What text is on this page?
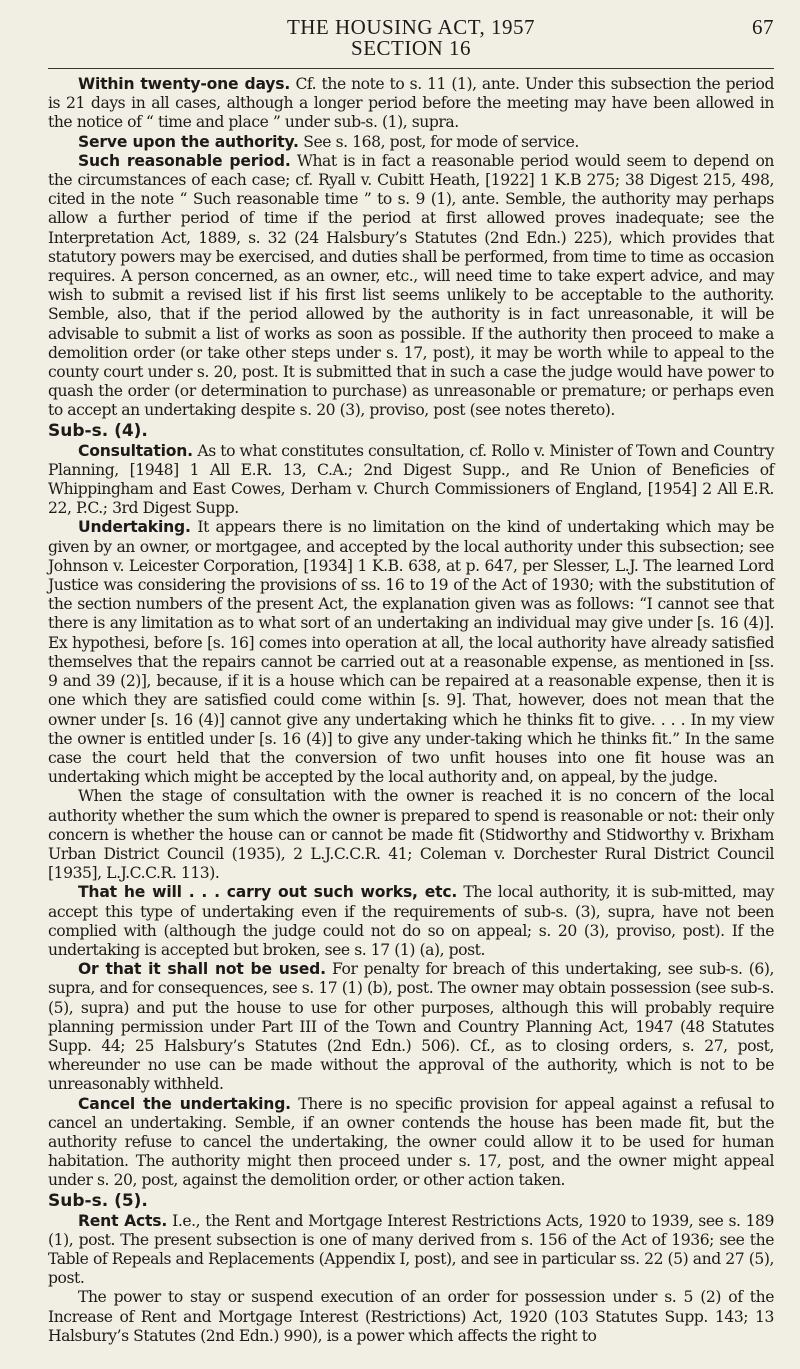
THE HOUSING ACT, 1957	67
SECTION 16

Within twenty-one days. Cf. the note to s. 11 (1), ante. Under this subsection the period is 21 days in all cases, although a longer period before the meeting may have been allowed in the notice of “ time and place ” under sub-s. (1), supra.

Serve upon the authority. See s. 168, post, for mode of service.

Such reasonable period. What is in fact a reasonable period would seem to depend on the circumstances of each case; cf. Ryall v. Cubitt Heath, [1922] 1 K.B 275; 38 Digest 215, 498, cited in the note “ Such reasonable time ” to s. 9 (1), ante. Semble, the authority may perhaps allow a further period of time if the period at first allowed proves inadequate; see the Interpretation Act, 1889, s. 32 (24 Halsbury’s Statutes (2nd Edn.) 225), which provides that statutory powers may be exercised, and duties shall be performed, from time to time as occasion requires. A person concerned, as an owner, etc., will need time to take expert advice, and may wish to submit a revised list if his first list seems unlikely to be acceptable to the authority. Semble, also, that if the period allowed by the authority is in fact unreasonable, it will be advisable to submit a list of works as soon as possible. If the authority then proceed to make a demolition order (or take other steps under s. 17, post), it may be worth while to appeal to the county court under s. 20, post. It is submitted that in such a case the judge would have power to quash the order (or determination to purchase) as unreasonable or premature; or perhaps even to accept an undertaking despite s. 20 (3), proviso, post (see notes thereto).

Sub-s. (4).

Consultation. As to what constitutes consultation, cf. Rollo v. Minister of Town and Country Planning, [1948] 1 All E.R. 13, C.A.; 2nd Digest Supp., and Re Union of Beneficies of Whippingham and East Cowes, Derham v. Church Commissioners of England, [1954] 2 All E.R. 22, P.C.; 3rd Digest Supp.

Undertaking. It appears there is no limitation on the kind of undertaking which may be given by an owner, or mortgagee, and accepted by the local authority under this subsection; see Johnson v. Leicester Corporation, [1934] 1 K.B. 638, at p. 647, per Slesser, L.J. The learned Lord Justice was considering the provisions of ss. 16 to 19 of the Act of 1930; with the substitution of the section numbers of the present Act, the explanation given was as follows: “I cannot see that there is any limitation as to what sort of an undertaking an individual may give under [s. 16 (4)]. Ex hypothesi, before [s. 16] comes into operation at all, the local authority have already satisfied themselves that the repairs cannot be carried out at a reasonable expense, as mentioned in [ss. 9 and 39 (2)], because, if it is a house which can be repaired at a reasonable expense, then it is one which they are satisfied could come within [s. 9]. That, however, does not mean that the owner under [s. 16 (4)] cannot give any undertaking which he thinks fit to give. . . . In my view the owner is entitled under [s. 16 (4)] to give any under-taking which he thinks fit.” In the same case the court held that the conversion of two unfit houses into one fit house was an undertaking which might be accepted by the local authority and, on appeal, by the judge.

When the stage of consultation with the owner is reached it is no concern of the local authority whether the sum which the owner is prepared to spend is reasonable or not: their only concern is whether the house can or cannot be made fit (Stidworthy and Stidworthy v. Brixham Urban District Council (1935), 2 L.J.C.C.R. 41; Coleman v. Dorchester Rural District Council [1935], L.J.C.C.R. 113).

That he will . . . carry out such works, etc. The local authority, it is sub-mitted, may accept this type of undertaking even if the requirements of sub-s. (3), supra, have not been complied with (although the judge could not do so on appeal; s. 20 (3), proviso, post). If the undertaking is accepted but broken, see s. 17 (1) (a), post.

Or that it shall not be used. For penalty for breach of this undertaking, see sub-s. (6), supra, and for consequences, see s. 17 (1) (b), post. The owner may obtain possession (see sub-s. (5), supra) and put the house to use for other purposes, although this will probably require planning permission under Part III of the Town and Country Planning Act, 1947 (48 Statutes Supp. 44; 25 Halsbury’s Statutes (2nd Edn.) 506). Cf., as to closing orders, s. 27, post, whereunder no use can be made without the approval of the authority, which is not to be unreasonably withheld.

Cancel the undertaking. There is no specific provision for appeal against a refusal to cancel an undertaking. Semble, if an owner contends the house has been made fit, but the authority refuse to cancel the undertaking, the owner could allow it to be used for human habitation. The authority might then proceed under s. 17, post, and the owner might appeal under s. 20, post, against the demolition order, or other action taken.

Sub-s. (5).

Rent Acts. I.e., the Rent and Mortgage Interest Restrictions Acts, 1920 to 1939, see s. 189 (1), post. The present subsection is one of many derived from s. 156 of the Act of 1936; see the Table of Repeals and Replacements (Appendix I, post), and see in particular ss. 22 (5) and 27 (5), post.

The power to stay or suspend execution of an order for possession under s. 5 (2) of the Increase of Rent and Mortgage Interest (Restrictions) Act, 1920 (103 Statutes Supp. 143; 13 Halsbury’s Statutes (2nd Edn.) 990), is a power which affects the right to
